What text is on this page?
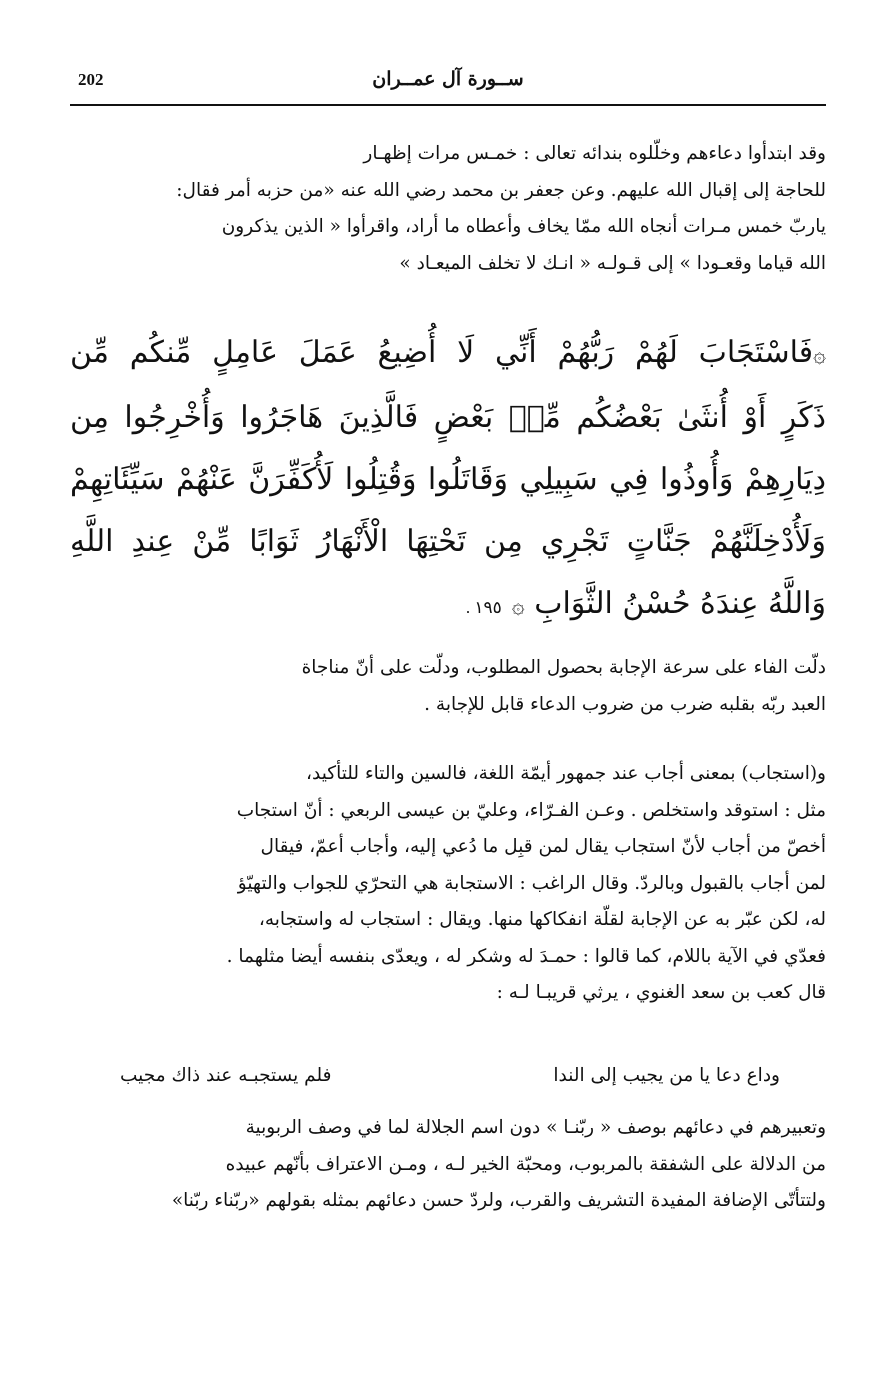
202	ســورة آل عمــران

وقد ابتدأوا دعاءهم وخلّلوه بندائه تعالى : خمـس مرات إظهـار

للحاجة إلى إقبال الله عليهم. وعن جعفر بن محمد رضي الله عنه «من حزبه أمر فقال:

ياربّ خمس مـرات أنجاه الله ممّا يخاف وأعطاه ما أراد، واقرأوا « الذين يذكرون

الله قياما وقعـودا » إلى قـولـه « انـك لا تخلف الميعـاد »

۞فَاسْتَجَابَ لَهُمْ رَبُّهُمْ أَنِّي لَا أُضِيعُ عَمَلَ عَامِلٍ مِّنكُم مِّن

ذَكَرٍ أَوْ أُنثَىٰ بَعْضُكُم مِّنۢ بَعْضٍ فَالَّذِينَ هَاجَرُوا وَأُخْرِجُوا مِن

دِيَارِهِمْ وَأُوذُوا فِي سَبِيلِي وَقَاتَلُوا وَقُتِلُوا لَأُكَفِّرَنَّ عَنْهُمْ سَيِّئَاتِهِمْ

وَلَأُدْخِلَنَّهُمْ جَنَّاتٍ تَجْرِي مِن تَحْتِهَا الْأَنْهَارُ ثَوَابًا مِّنْ عِندِ اللَّهِ

وَاللَّهُ عِندَهُ حُسْنُ الثَّوَابِ ۞١٩٥ .

دلّت الفاء على سرعة الإجابة بحصول المطلوب، ودلّت على أنّ مناجاة

العبد ربّه بقلبه ضرب من ضروب الدعاء قابل للإجابة .

و(استجاب) بمعنى أجاب عند جمهور أيمّة اللغة، فالسين والتاء للتأكيد،

مثل : استوقد واستخلص . وعـن الفـرّاء، وعليّ بن عيسى الربعي : أنّ استجاب

أخصّ من أجاب لأنّ استجاب يقال لمن قبِل ما دُعي إليه، وأجاب أعمّ، فيقال

لمن أجاب بالقبول وبالردّ. وقال الراغب : الاستجابة هي التحرّي للجواب والتهيّؤ

له، لكن عبّر به عن الإجابة لقلّة انفكاكها منها. ويقال : استجاب له واستجابه،

فعدّي في الآية باللام، كما قالوا : حمـدَ له وشكر له ، ويعدّى بنفسه أيضا مثلهما .

قال كعب بن سعد الغنوي ، يرثي قريبـا لـه :

وداع دعا يا من يجيب إلى الندا
فلم يستجبـه عند ذاك مجيب

وتعبيرهم في دعائهم بوصف « ربّنـا » دون اسم الجلالة لما في وصف الربوبية

من الدلالة على الشفقة بالمربوب، ومحبّة الخير لـه ، ومـن الاعتراف بأنّهم عبيده

ولتتأتّى الإضافة المفيدة التشريف والقرب، ولردّ حسن دعائهم بمثله بقولهم «ربّناء ربّنا»
